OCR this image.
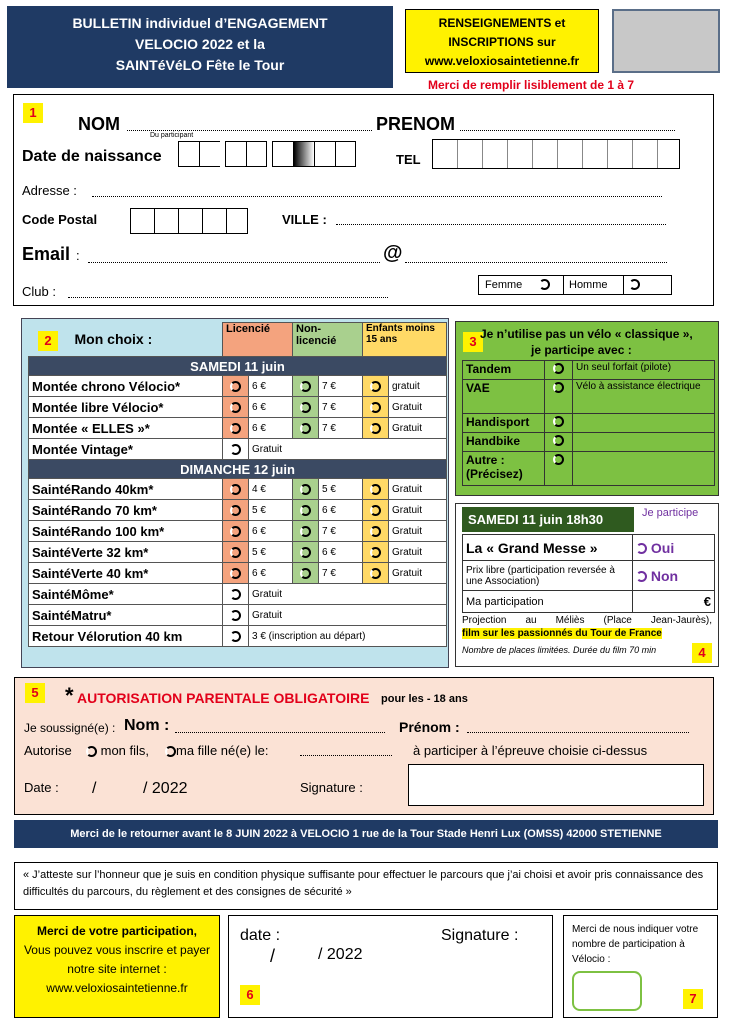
BULLETIN individuel d’ENGAGEMENT
VELOCIO 2022 et la
SAINTéVéLO Fête le Tour
RENSEIGNEMENTS et
INSCRIPTIONS sur
www.veloxiosaintetienne.fr
Merci de remplir lisiblement de 1 à 7
1
NOM
Du participant
PRENOM
Date de naissance	TEL
Adresse :
Code Postal	VILLE :
Email :	@
Club :	Femme	Homme
2	Mon choix :	Licencié		Non-licencié		Enfants moins 15 ans	
SAMEDI 11 juin						
Montée chrono Vélocio*		6 €		7 €		gratuit
Montée libre Vélocio*		6 €		7 €		Gratuit
Montée « ELLES »*		6 €		7 €		Gratuit
Montée Vintage*		Gratuit				
DIMANCHE 12 juin						
SaintéRando 40km*		4 €		5 €		Gratuit
SaintéRando 70 km*		5 €		6 €		Gratuit
SaintéRando 100 km*		6 €		7 €		Gratuit
SaintéVerte 32 km*		5 €		6 €		Gratuit
SaintéVerte 40 km*		6 €		7 €		Gratuit
SaintéMôme*		Gratuit				
SaintéMatru*		Gratuit				
Retour Vélorution 40 km		3 € (inscription au départ)				
3 Je n’utilise pas un vélo « classique »,
je participe avec :
Tandem		Un seul forfait (pilote)
VAE		Vélo à assistance électrique
Handisport		
Handbike		
Autre : (Précisez)		
SAMEDI 11 juin 18h30	Je participe
La « Grand Messe »	Oui
Prix libre (participation reversée à une Association)	Non
Ma participation	€
Projection au Méliès (Place Jean-Jaurès),
film sur les passionnés du Tour de France
Nombre de places limitées. Durée du film 70 min	4
5 * AUTORISATION PARENTALE OBLIGATOIRE pour les - 18 ans
Je soussigné(e) : Nom :	Prénom :
Autorise	mon fils,	ma fille né(e) le:	à participer à l’épreuve choisie ci-dessus
Date : /	/ 2022	Signature :
Merci de le retourner avant le 8 JUIN 2022 à VELOCIO 1 rue de la Tour Stade Henri Lux (OMSS) 42000 STETIENNE
« J’atteste sur l’honneur que je suis en condition physique suffisante pour effectuer le parcours que j’ai choisi et avoir pris connaissance des difficultés du parcours, du règlement et des consignes de sécurité »
Merci de votre participation,
Vous pouvez vous inscrire et payer notre site internet :
www.veloxiosaintetienne.fr
date :	Signature :
/	/ 2022
6
Merci de nous indiquer votre nombre de participation à Vélocio :
7
